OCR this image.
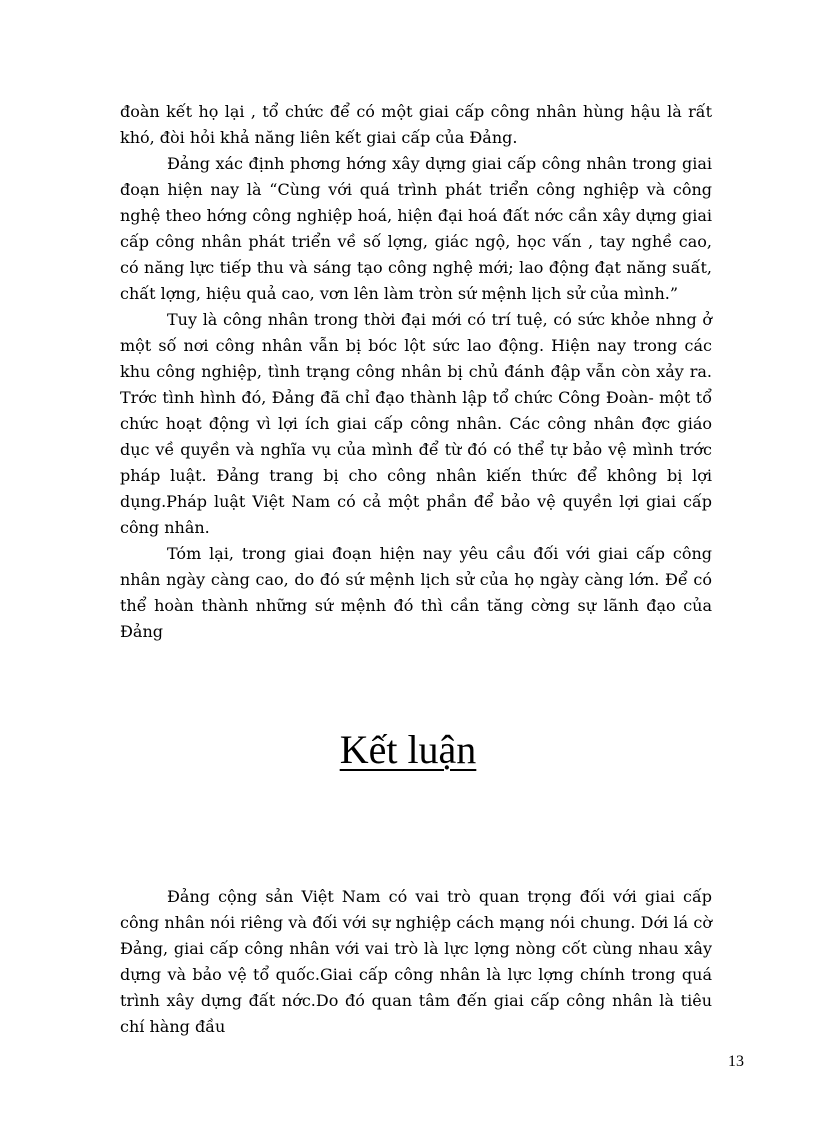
đoàn kết họ lại , tổ chức để có một giai cấp công nhân hùng hậu là rất khó, đòi hỏi khả năng liên kết giai cấp của Đảng.

Đảng xác định phơng hớng xây dựng giai cấp công nhân trong giai đoạn hiện nay là “Cùng với quá trình phát triển công nghiệp và công nghệ theo hớng công nghiệp hoá, hiện đại hoá đất nớc cần xây dựng giai cấp công nhân phát triển về số lợng, giác ngộ, học vấn , tay nghề cao, có năng lực tiếp thu và sáng tạo công nghệ mới; lao động đạt năng suất, chất lợng, hiệu quả cao, vơn lên làm tròn sứ mệnh lịch sử của mình.”

Tuy là công nhân trong thời đại mới có trí tuệ, có sức khỏe nhng ở một số nơi công nhân vẫn bị bóc lột sức lao động. Hiện nay trong các khu công nghiệp, tình trạng công nhân bị chủ đánh đập vẫn còn xảy ra. Trớc tình hình đó, Đảng đã chỉ đạo thành lập tổ chức Công Đoàn- một tổ chức hoạt động vì lợi ích giai cấp công nhân. Các công nhân đợc giáo dục về quyền và nghĩa vụ của mình để từ đó có thể tự bảo vệ mình trớc pháp luật. Đảng trang bị cho công nhân kiến thức để không bị lợi dụng.Pháp luật Việt Nam có cả một phần để bảo vệ quyền lợi giai cấp công nhân.

Tóm lại, trong giai đoạn hiện nay yêu cầu đối với giai cấp công nhân ngày càng cao, do đó sứ mệnh lịch sử của họ ngày càng lớn. Để có thể hoàn thành những sứ mệnh đó thì cần tăng cờng sự lãnh đạo của Đảng

Kết luận

Đảng cộng sản Việt Nam có vai trò quan trọng đối với giai cấp công nhân nói riêng và đối với sự nghiệp cách mạng nói chung. Dới lá cờ Đảng, giai cấp công nhân với vai trò là lực lợng nòng cốt cùng nhau xây dựng và bảo vệ tổ quốc.Giai cấp công nhân là lực lợng chính trong quá trình xây dựng đất nớc.Do đó quan tâm đến giai cấp công nhân là tiêu chí hàng đầu

13
